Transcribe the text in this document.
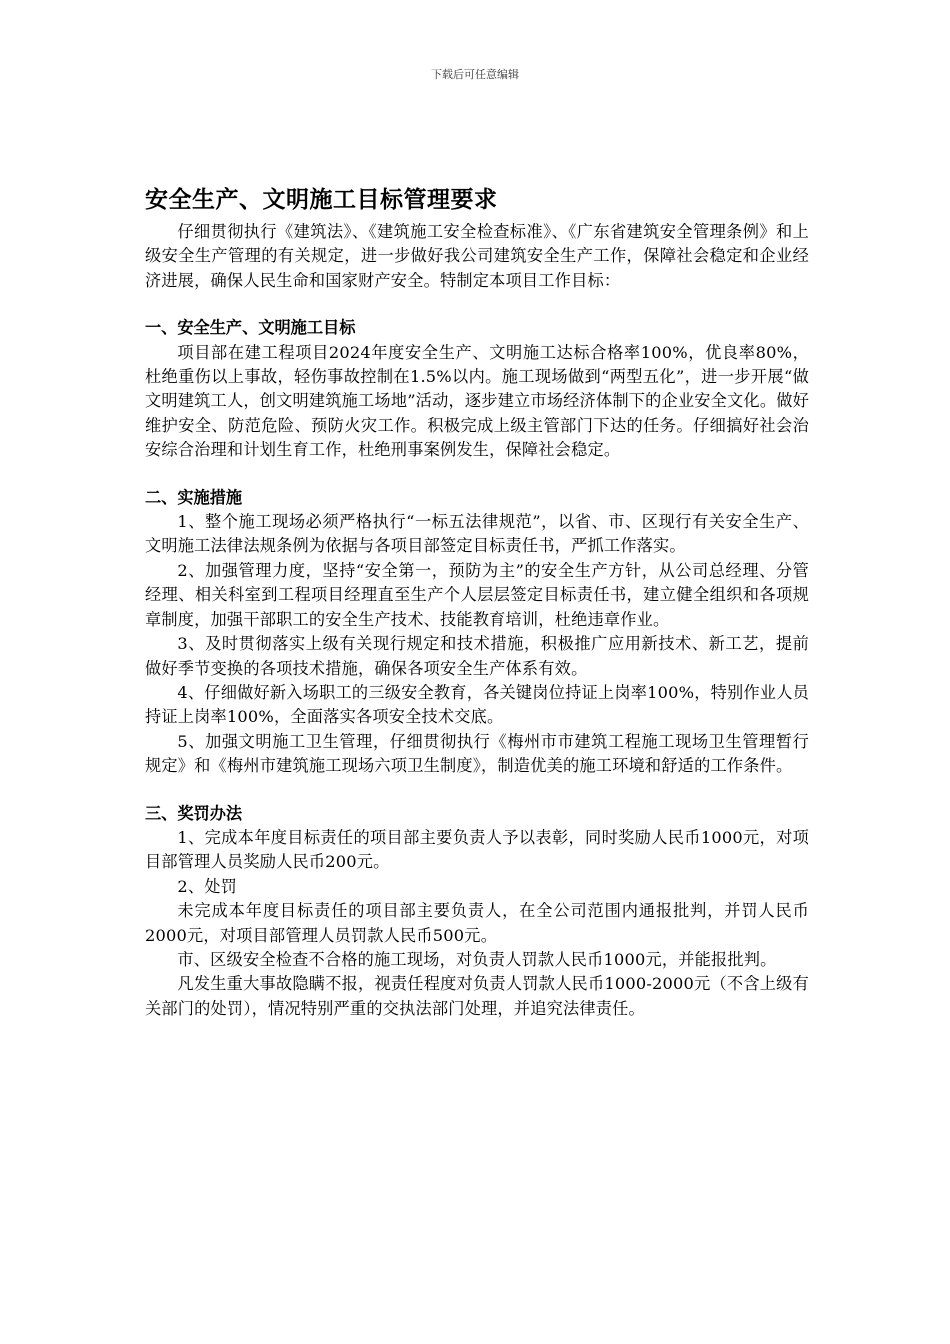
下载后可任意编辑
安全生产、文明施工目标管理要求

仔细贯彻执行《建筑法》、《建筑施工安全检查标准》、《广东省建筑安全管理条例》和上级安全生产管理的有关规定，进一步做好我公司建筑安全生产工作，保障社会稳定和企业经济进展，确保人民生命和国家财产安全。特制定本项目工作目标：

一、安全生产、文明施工目标

项目部在建工程项目2024年度安全生产、文明施工达标合格率100%，优良率80%，杜绝重伤以上事故，轻伤事故控制在1.5%以内。施工现场做到“两型五化”，进一步开展“做文明建筑工人，创文明建筑施工场地”活动，逐步建立市场经济体制下的企业安全文化。做好维护安全、防范危险、预防火灾工作。积极完成上级主管部门下达的任务。仔细搞好社会治安综合治理和计划生育工作，杜绝刑事案例发生，保障社会稳定。

二、实施措施

1、整个施工现场必须严格执行“一标五法律规范”，以省、市、区现行有关安全生产、文明施工法律法规条例为依据与各项目部签定目标责任书，严抓工作落实。

2、加强管理力度，坚持“安全第一，预防为主”的安全生产方针，从公司总经理、分管经理、相关科室到工程项目经理直至生产个人层层签定目标责任书，建立健全组织和各项规章制度，加强干部职工的安全生产技术、技能教育培训，杜绝违章作业。

3、及时贯彻落实上级有关现行规定和技术措施，积极推广应用新技术、新工艺，提前做好季节变换的各项技术措施，确保各项安全生产体系有效。

4、仔细做好新入场职工的三级安全教育，各关键岗位持证上岗率100%，特别作业人员持证上岗率100%，全面落实各项安全技术交底。

5、加强文明施工卫生管理，仔细贯彻执行《梅州市市建筑工程施工现场卫生管理暂行规定》和《梅州市建筑施工现场六项卫生制度》，制造优美的施工环境和舒适的工作条件。

三、奖罚办法

1、完成本年度目标责任的项目部主要负责人予以表彰，同时奖励人民币1000元，对项目部管理人员奖励人民币200元。

2、处罚

未完成本年度目标责任的项目部主要负责人，在全公司范围内通报批判，并罚人民币2000元，对项目部管理人员罚款人民币500元。

市、区级安全检查不合格的施工现场，对负责人罚款人民币1000元，并能报批判。

凡发生重大事故隐瞒不报，视责任程度对负责人罚款人民币1000-2000元（不含上级有关部门的处罚），情况特别严重的交执法部门处理，并追究法律责任。
